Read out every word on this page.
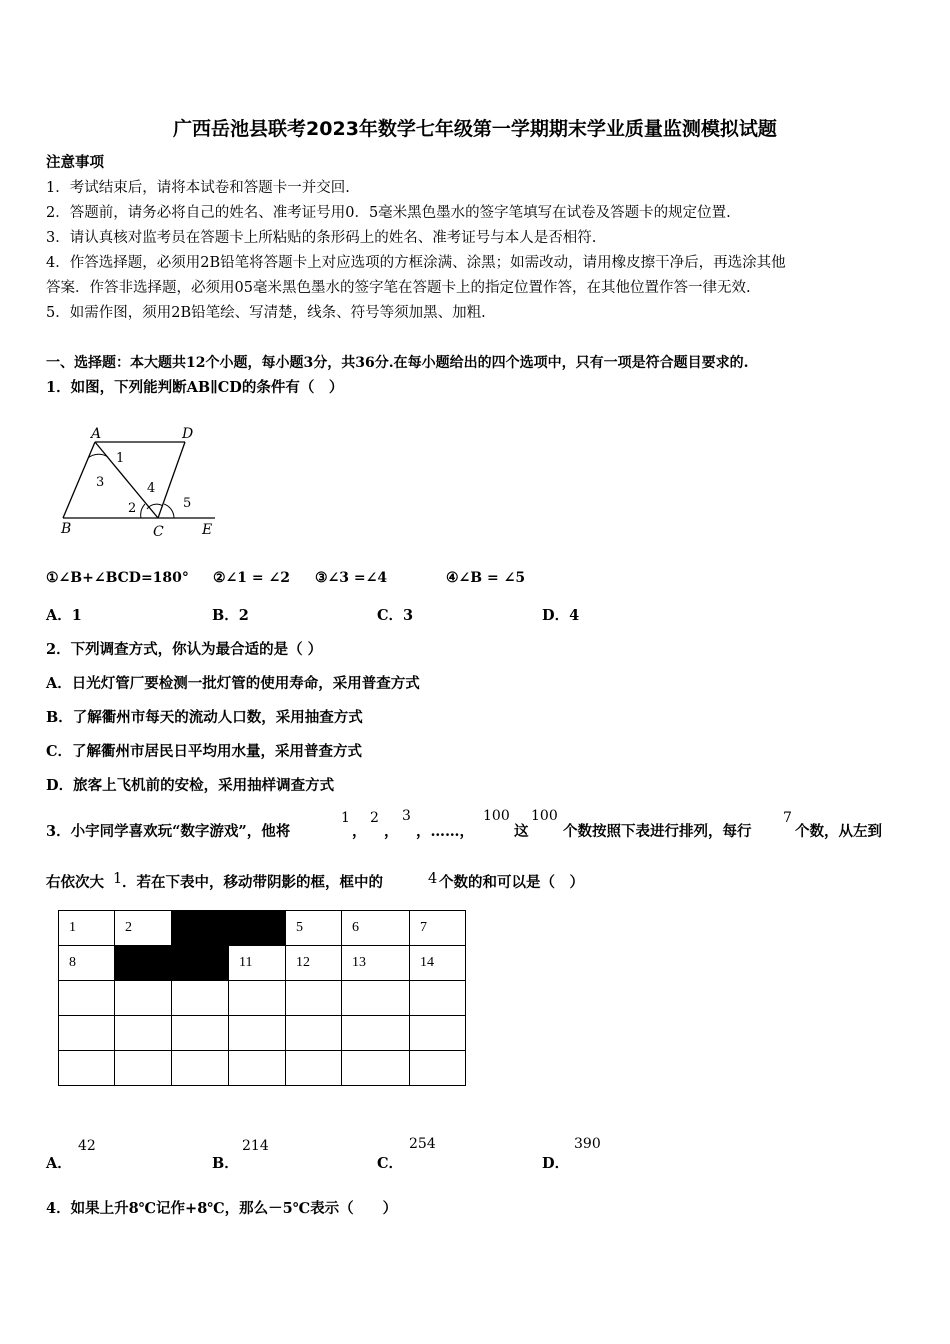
广西岳池县联考2023年数学七年级第一学期期末学业质量监测模拟试题
注意事项
1．考试结束后，请将本试卷和答题卡一并交回.
2．答题前，请务必将自己的姓名、准考证号用0．5毫米黑色墨水的签字笔填写在试卷及答题卡的规定位置.
3．请认真核对监考员在答题卡上所粘贴的条形码上的姓名、准考证号与本人是否相符.
4．作答选择题，必须用2B铅笔将答题卡上对应选项的方框涂满、涂黑；如需改动，请用橡皮擦干净后，再选涂其他
答案．作答非选择题，必须用05毫米黑色墨水的签字笔在答题卡上的指定位置作答，在其他位置作答一律无效.
5．如需作图，须用2B铅笔绘、写清楚，线条、符号等须加黑、加粗.
一、选择题：本大题共12个小题，每小题3分，共36分.在每小题给出的四个选项中，只有一项是符合题目要求的.
1．如图，下列能判断AB∥CD的条件有（　）
A	D
B	C	E
1
3
2
4
5
①∠B+∠BCD=180° ②∠1 = ∠2 ③∠3 =∠4	④∠B = ∠5
A．1	B．2	C．3	D．4
2．下列调查方式，你认为最合适的是（ ）
A．日光灯管厂要检测一批灯管的使用寿命，采用普查方式
B．了解衢州市每天的流动人口数，采用抽查方式
C．了解衢州市居民日平均用水量，采用普查方式
D．旅客上飞机前的安检，采用抽样调查方式
3．小宇同学喜欢玩“数字游戏”，他将
1
，
2
，
3
，……，
100
这
100
个数按照下表进行排列，每行
7
个数，从左到
右依次大 1 ．若在下表中，移动带阴影的框，框中的	4 个数的和可以是（　）
1	2			5	6	7
8			11	12	13	14

A．
42
B．
214
C．
254
D．
390
4．如果上升8℃记作+8℃，那么－5℃表示（　　）
